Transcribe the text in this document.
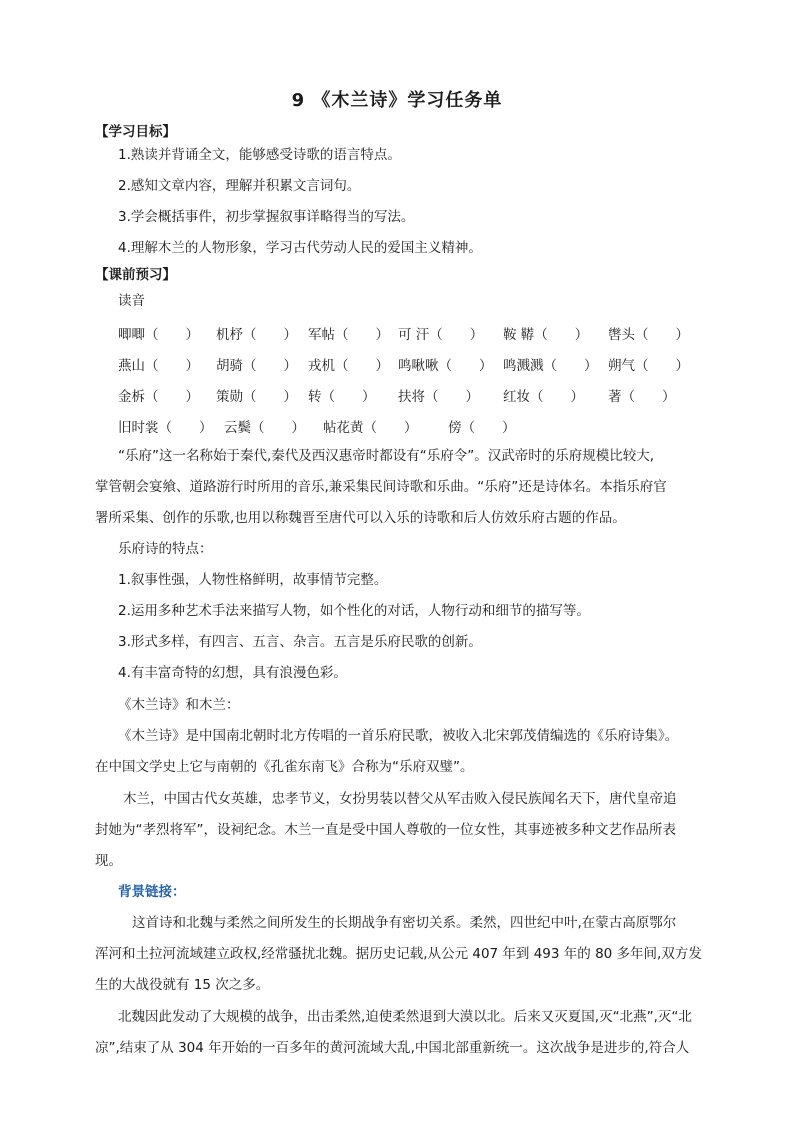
9 《木兰诗》学习任务单
【学习目标】
1.熟读并背诵全文，能够感受诗歌的语言特点。
2.感知文章内容，理解并积累文言词句。
3.学会概括事件，初步掌握叙事详略得当的写法。
4.理解木兰的人物形象，学习古代劳动人民的爱国主义精神。
【课前预习】
读音
唧唧（　　） 机杼（　　） 军帖（　　） 可 汗（　　） 鞍 鞯（　　） 辔头（　　）
燕山（　　） 胡骑（　　） 戎机（　　） 鸣啾啾（　　） 鸣溅溅（　　） 朔气（　　）
金柝（　　） 策勋（　　） 转（　　） 扶将（　　） 红妆（　　） 著（　　）
旧时裳（　　） 云鬓（　　） 帖花黄（　　） 傍（　　）
“乐府”这一名称始于秦代,秦代及西汉惠帝时都设有“乐府令”。汉武帝时的乐府规模比较大,
掌管朝会宴飨、道路游行时所用的音乐,兼采集民间诗歌和乐曲。“乐府”还是诗体名。本指乐府官
署所采集、创作的乐歌,也用以称魏晋至唐代可以入乐的诗歌和后人仿效乐府古题的作品。
乐府诗的特点：
1.叙事性强，人物性格鲜明，故事情节完整。
2.运用多种艺术手法来描写人物，如个性化的对话，人物行动和细节的描写等。
3.形式多样，有四言、五言、杂言。五言是乐府民歌的创新。
4.有丰富奇特的幻想，具有浪漫色彩。
《木兰诗》和木兰：
《木兰诗》是中国南北朝时北方传唱的一首乐府民歌，被收入北宋郭茂倩编选的《乐府诗集》。
在中国文学史上它与南朝的《孔雀东南飞》合称为“乐府双璧”。
木兰，中国古代女英雄，忠孝节义，女扮男装以替父从军击败入侵民族闻名天下，唐代皇帝追
封她为“孝烈将军”，设祠纪念。木兰一直是受中国人尊敬的一位女性，其事迹被多种文艺作品所表
现。
背景链接：
这首诗和北魏与柔然之间所发生的长期战争有密切关系。柔然，四世纪中叶,在蒙古高原鄂尔
浑河和土拉河流域建立政权,经常骚扰北魏。据历史记载,从公元 407 年到 493 年的 80 多年间,双方发
生的大战役就有 15 次之多。
北魏因此发动了大规模的战争，出击柔然,迫使柔然退到大漠以北。后来又灭夏国,灭“北燕”,灭“北
凉”,结束了从 304 年开始的一百多年的黄河流域大乱,中国北部重新统一。这次战争是进步的,符合人
